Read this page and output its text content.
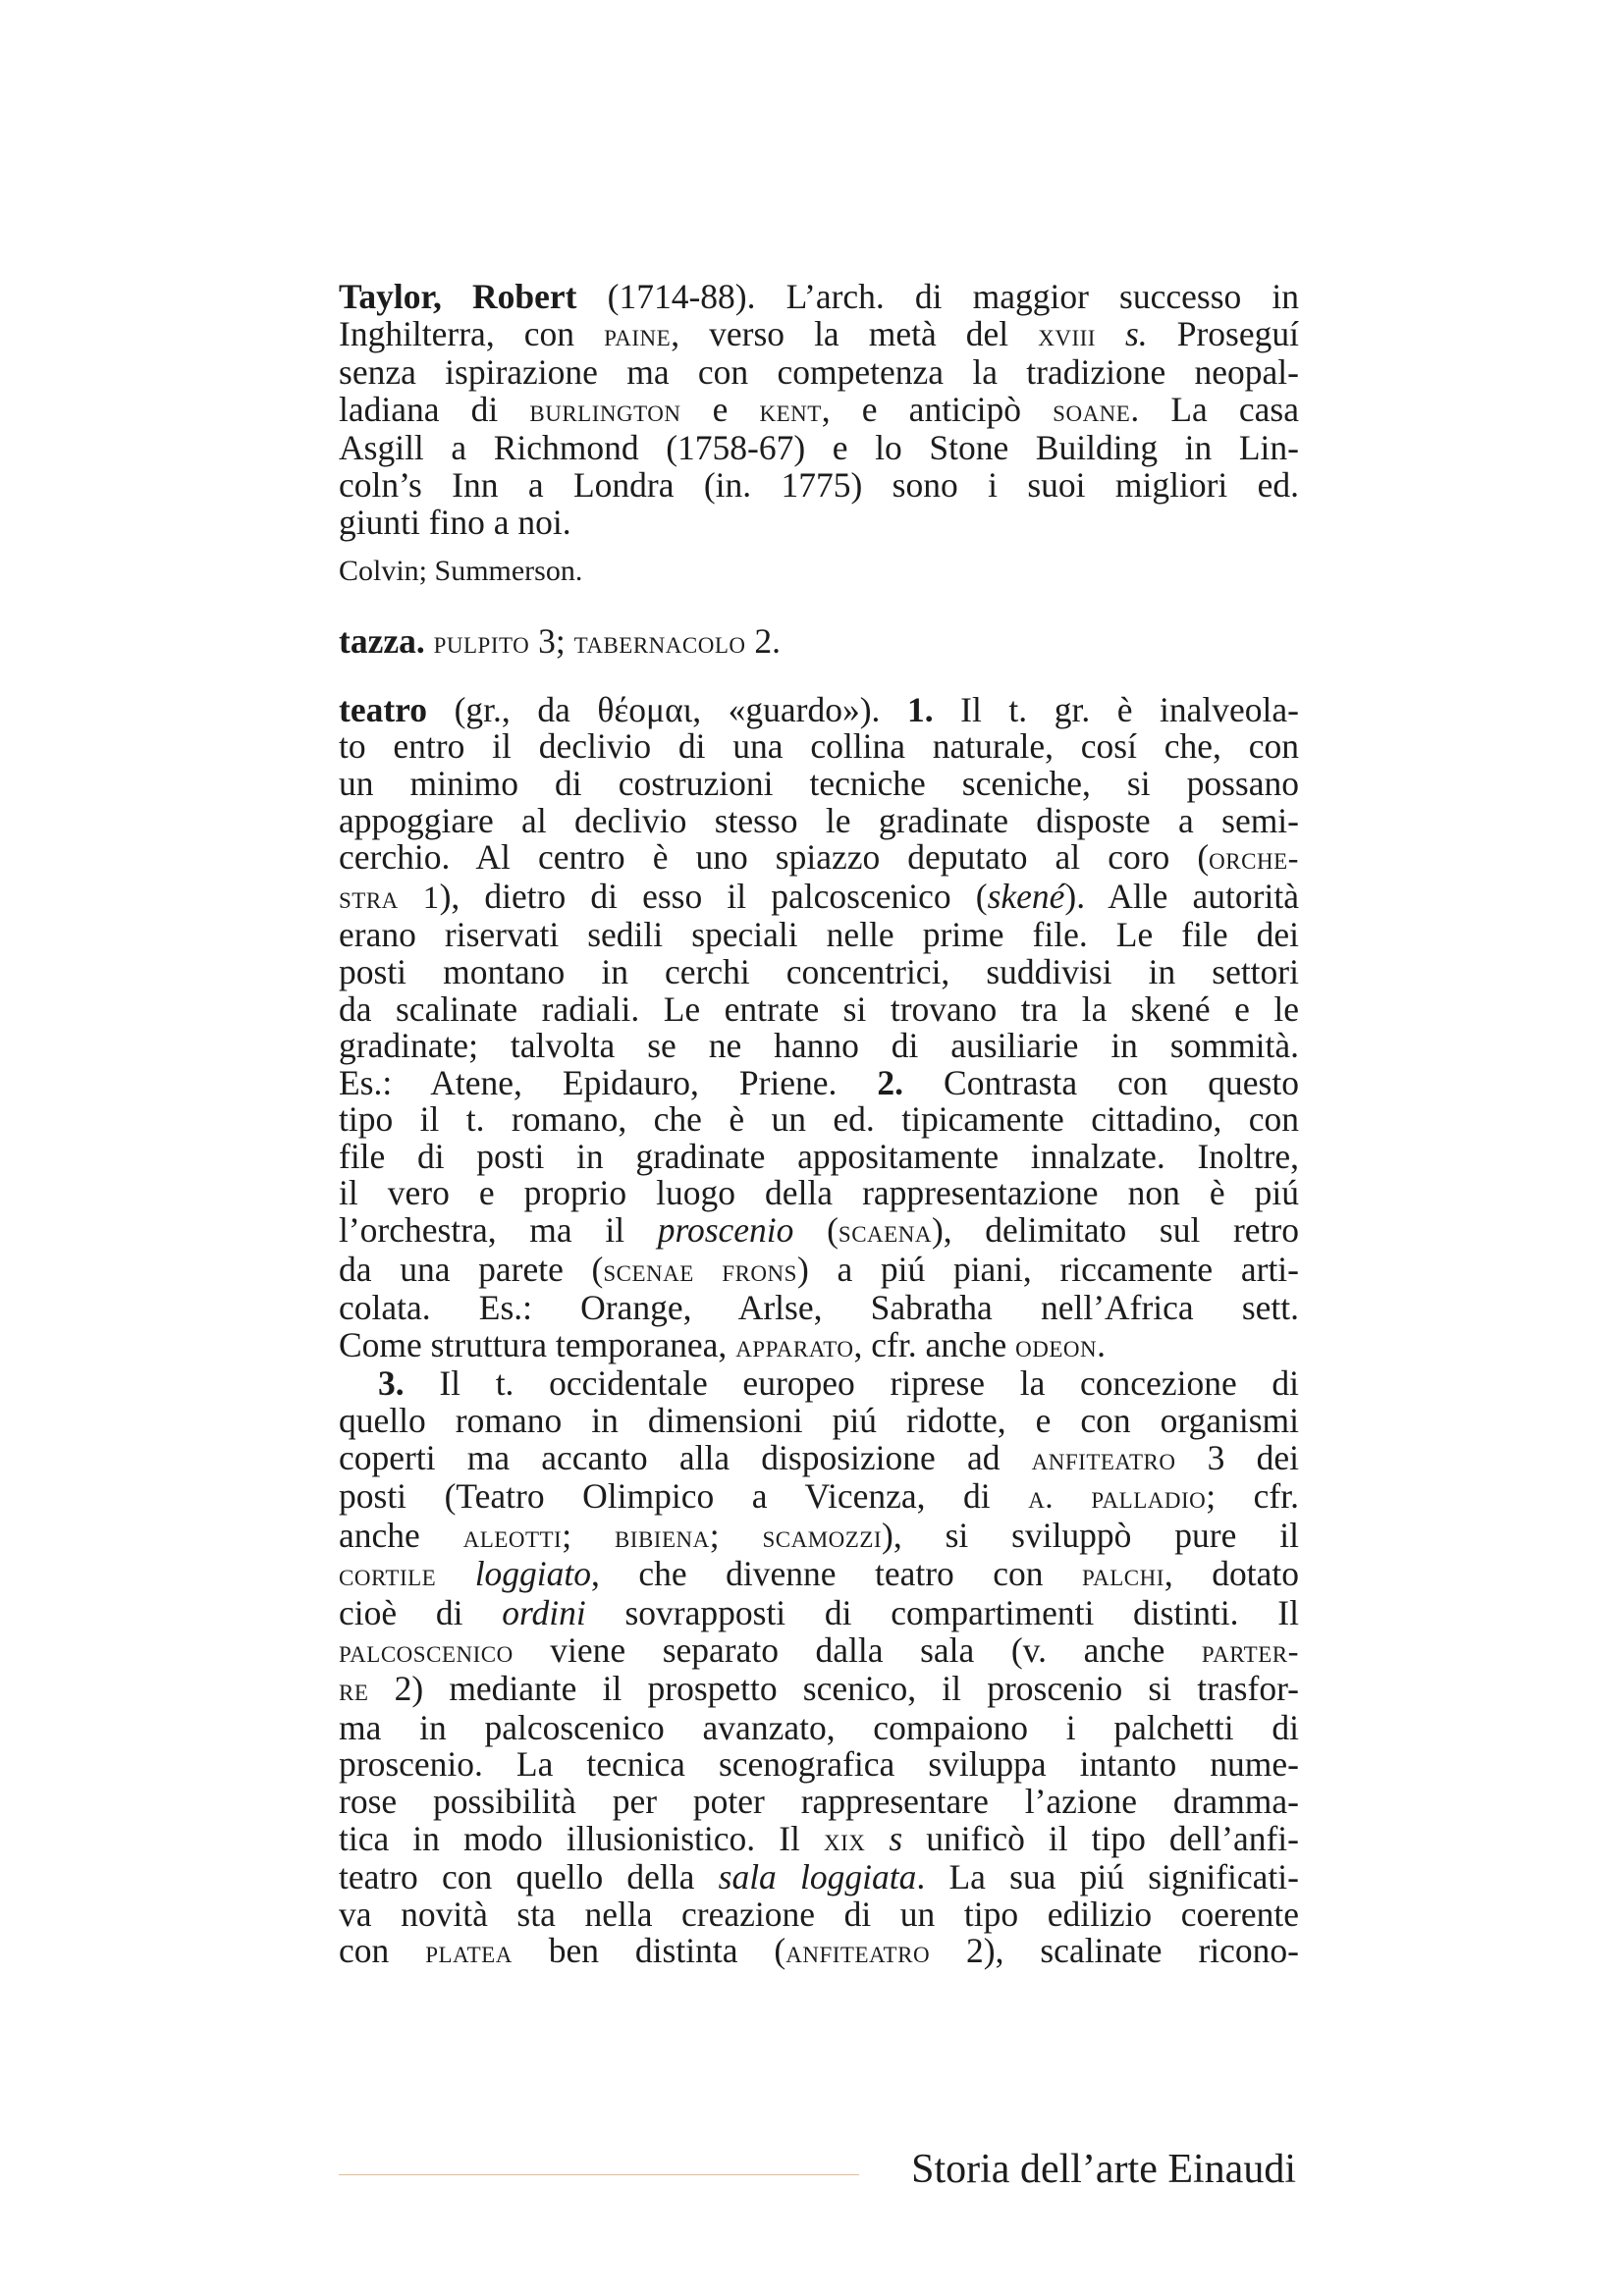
Taylor, Robert (1714-88). L’arch. di maggior successo in
Inghilterra, con paine, verso la metà del xviii s. Proseguí
senza ispirazione ma con competenza la tradizione neopal-
ladiana di burlington e kent, e anticipò soane. La casa
Asgill a Richmond (1758-67) e lo Stone Building in Lin-
coln’s Inn a Londra (in. 1775) sono i suoi migliori ed.
giunti fino a noi.

Colvin; Summerson.

tazza. pulpito 3; tabernacolo 2.
teatro (gr., da θέομαι, «guardo»). 1. Il t. gr. è inalveola-
to entro il declivio di una collina naturale, cosí che, con
un minimo di costruzioni tecniche sceniche, si possano
appoggiare al declivio stesso le gradinate disposte a semi-
cerchio. Al centro è uno spiazzo deputato al coro (orche-
stra 1), dietro di esso il palcoscenico (skené). Alle autorità
erano riservati sedili speciali nelle prime file. Le file dei
posti montano in cerchi concentrici, suddivisi in settori
da scalinate radiali. Le entrate si trovano tra la skené e le
gradinate; talvolta se ne hanno di ausiliarie in sommità.
Es.: Atene, Epidauro, Priene. 2. Contrasta con questo
tipo il t. romano, che è un ed. tipicamente cittadino, con
file di posti in gradinate appositamente innalzate. Inoltre,
il vero e proprio luogo della rappresentazione non è piú
l’orchestra, ma il proscenio (scaena), delimitato sul retro
da una parete (scenae frons) a piú piani, riccamente arti-
colata. Es.: Orange, Arlse, Sabratha nell’Africa sett.
Come struttura temporanea, apparato, cfr. anche odeon.
3. Il t. occidentale europeo riprese la concezione di
quello romano in dimensioni piú ridotte, e con organismi
coperti ma accanto alla disposizione ad anfiteatro 3 dei
posti (Teatro Olimpico a Vicenza, di a. palladio; cfr.
anche aleotti; bibiena; scamozzi), si sviluppò pure il
cortile loggiato, che divenne teatro con palchi, dotato
cioè di ordini sovrapposti di compartimenti distinti. Il
palcoscenico viene separato dalla sala (v. anche parter-
re 2) mediante il prospetto scenico, il proscenio si trasfor-
ma in palcoscenico avanzato, compaiono i palchetti di
proscenio. La tecnica scenografica sviluppa intanto nume-
rose possibilità per poter rappresentare l’azione dramma-
tica in modo illusionistico. Il xix s unificò il tipo dell’anfi-
teatro con quello della sala loggiata. La sua piú significati-
va novità sta nella creazione di un tipo edilizio coerente
con platea ben distinta (anfiteatro 2), scalinate ricono-
Storia dell’arte Einaudi
